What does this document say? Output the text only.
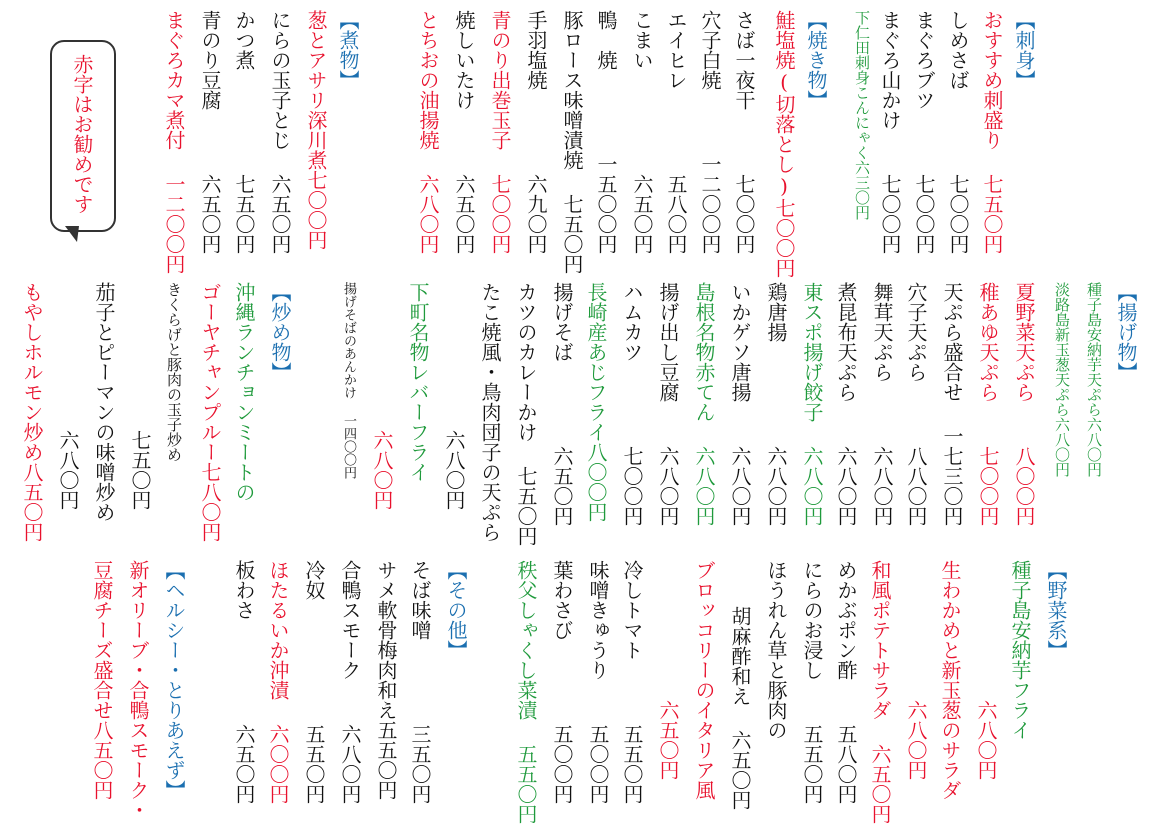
赤字はお勧めです
【刺身】
おすすめ刺盛り 七五〇円
しめさば　　　 七〇〇円
まぐろブツ　　 七〇〇円
まぐろ山かけ　 七〇〇円
下仁田刺身こんにゃく六三〇円
【焼き物】
鮭塩焼(切落とし)七〇〇円
さば一夜干　　 七〇〇円
穴子白焼　　 一二〇〇円
エイヒレ　　　 五八〇円
こまい　　　　 六五〇円
鴨　焼　　　 一五〇〇円
豚ロース味噌漬焼 七五〇円
手羽塩焼　　　 六九〇円
青のり出巻玉子 七〇〇円
焼しいたけ　　 六五〇円
とちおの油揚焼 六八〇円
【煮物】
葱とアサリ深川煮七〇〇円
にらの玉子とじ 六五〇円
かつ煮　　　　 七五〇円
青のり豆腐　　 六五〇円
まぐろカマ煮付 一二〇〇円
【揚げ物】
種子島安納芋天ぷら六八〇円
淡路島新玉葱天ぷら六八〇円
夏野菜天ぷら　 八〇〇円
稚あゆ天ぷら　 七〇〇円
天ぷら盛合せ 一七三〇円
穴子天ぷら　　 八八〇円
舞茸天ぷら　　 六八〇円
煮昆布天ぷら　 六八〇円
東スポ揚げ餃子 六八〇円
鶏唐揚　　　　 六八〇円
いかゲソ唐揚　 六八〇円
島根名物赤てん 六八〇円
揚げ出し豆腐　 六八〇円
ハムカツ　　　 七〇〇円
長崎産あじフライ八〇〇円
揚げそば　　　 六五〇円
カツのカレーかけ 七五〇円
たこ焼風・鳥肉団子の天ぷら
六八〇円
下町名物レバーフライ
六八〇円
揚げそばのあんかけ 一四〇〇円
【炒め物】
沖縄ランチョンミートの
ゴーヤチャンプルー七八〇円
きくらげと豚肉の玉子炒め
七五〇円
茄子とピーマンの味噌炒め
六八〇円
もやしホルモン炒め八五〇円
【野菜系】
種子島安納芋フライ
六八〇円
生わかめと新玉葱のサラダ
六八〇円
和風ポテトサラダ 六五〇円
めかぶポン酢　 五八〇円
にらのお浸し　 五五〇円
ほうれん草と豚肉の
胡麻酢和え 六五〇円
ブロッコリーのイタリア風
六五〇円
冷しトマト　　 五五〇円
味噌きゅうり　 五〇〇円
葉わさび　　　 五〇〇円
秩父しゃくし菜漬 五五〇円
【その他】
そば味噌　　　 三五〇円
サメ軟骨梅肉和え五五〇円
合鴨スモーク　 六八〇円
冷奴　　　　　 五五〇円
ほたるいか沖漬 六〇〇円
板わさ　　　　 六五〇円
【ヘルシー・とりあえず】
新オリーブ・合鴨スモーク・
豆腐チーズ盛合せ八五〇円
